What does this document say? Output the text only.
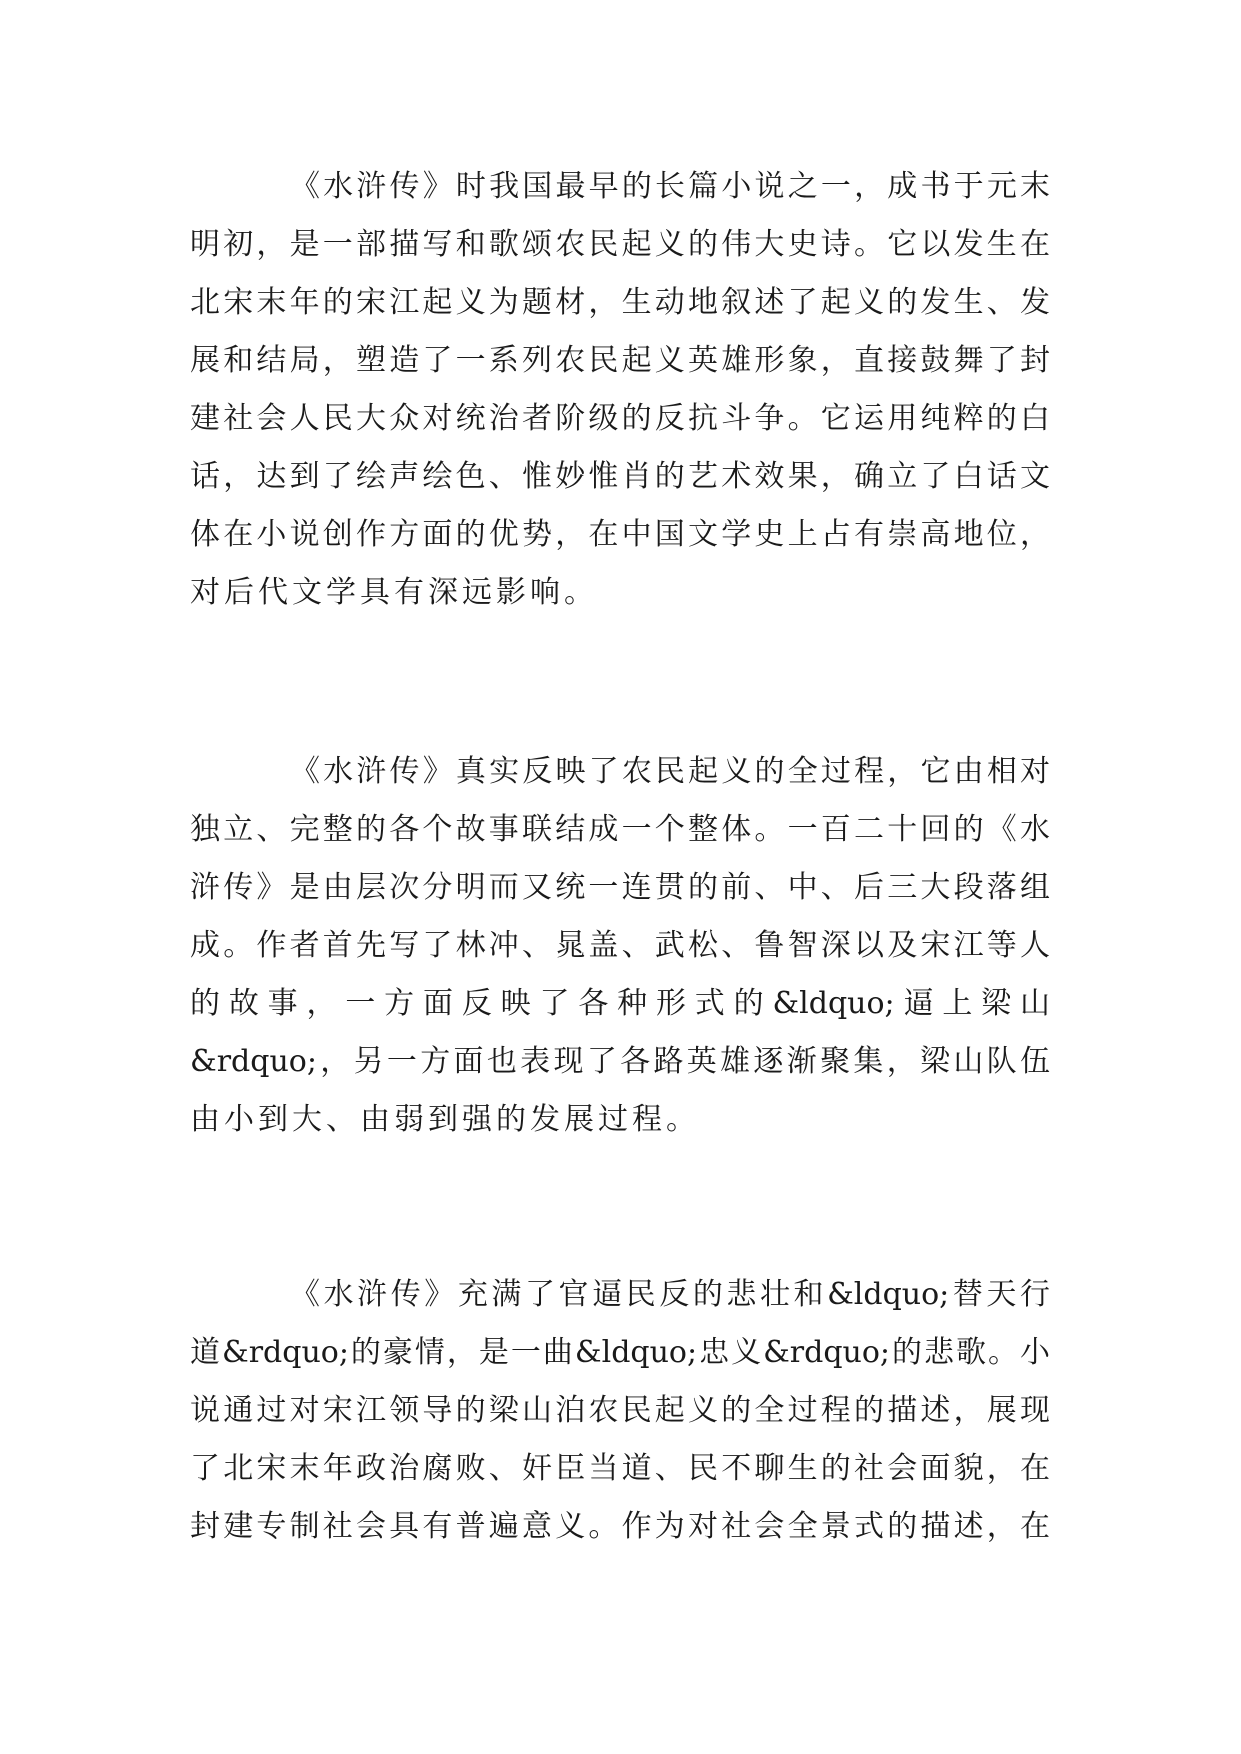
《水浒传》时我国最早的长篇小说之一，成书于元末
明初，是一部描写和歌颂农民起义的伟大史诗。它以发生在
北宋末年的宋江起义为题材，生动地叙述了起义的发生、发
展和结局，塑造了一系列农民起义英雄形象，直接鼓舞了封
建社会人民大众对统治者阶级的反抗斗争。它运用纯粹的白
话，达到了绘声绘色、惟妙惟肖的艺术效果，确立了白话文
体在小说创作方面的优势，在中国文学史上占有崇高地位，
对后代文学具有深远影响。
《水浒传》真实反映了农民起义的全过程，它由相对
独立、完整的各个故事联结成一个整体。一百二十回的《水
浒传》是由层次分明而又统一连贯的前、中、后三大段落组
成。作者首先写了林冲、晁盖、武松、鲁智深以及宋江等人
的故事，一方面反映了各种形式的&ldquo;逼上梁山
&rdquo;，另一方面也表现了各路英雄逐渐聚集，梁山队伍
由小到大、由弱到强的发展过程。
《水浒传》充满了官逼民反的悲壮和&ldquo;替天行
道&rdquo;的豪情，是一曲&ldquo;忠义&rdquo;的悲歌。小
说通过对宋江领导的梁山泊农民起义的全过程的描述，展现
了北宋末年政治腐败、奸臣当道、民不聊生的社会面貌，在
封建专制社会具有普遍意义。作为对社会全景式的描述，在
